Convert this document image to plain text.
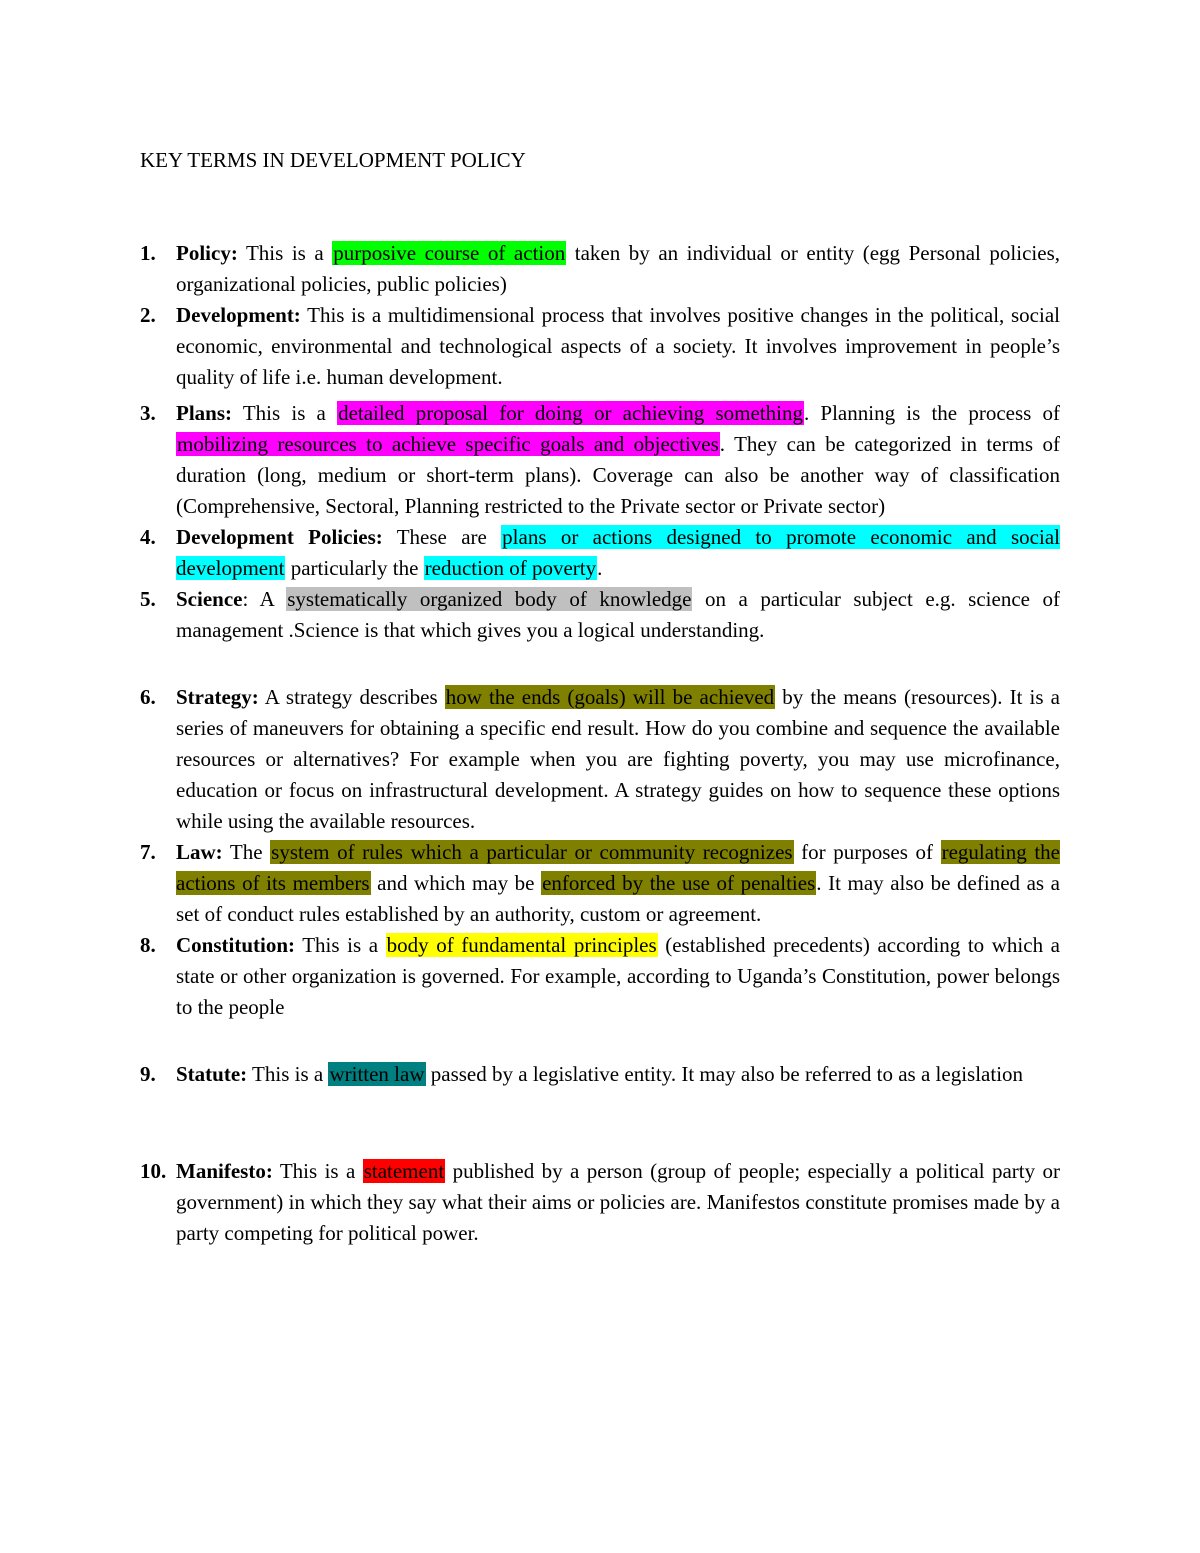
KEY TERMS IN DEVELOPMENT POLICY
1. Policy: This is a purposive course of action taken by an individual or entity (egg Personal policies, organizational policies, public policies)
2. Development: This is a multidimensional process that involves positive changes in the political, social economic, environmental and technological aspects of a society. It involves improvement in people’s quality of life i.e. human development.
3. Plans: This is a detailed proposal for doing or achieving something. Planning is the process of mobilizing resources to achieve specific goals and objectives. They can be categorized in terms of duration (long, medium or short-term plans). Coverage can also be another way of classification (Comprehensive, Sectoral, Planning restricted to the Private sector or Private sector)
4. Development Policies: These are plans or actions designed to promote economic and social development particularly the reduction of poverty.
5. Science: A systematically organized body of knowledge on a particular subject e.g. science of management .Science is that which gives you a logical understanding.
6. Strategy: A strategy describes how the ends (goals) will be achieved by the means (resources). It is a series of maneuvers for obtaining a specific end result. How do you combine and sequence the available resources or alternatives? For example when you are fighting poverty, you may use microfinance, education or focus on infrastructural development. A strategy guides on how to sequence these options while using the available resources.
7. Law: The system of rules which a particular or community recognizes for purposes of regulating the actions of its members and which may be enforced by the use of penalties. It may also be defined as a set of conduct rules established by an authority, custom or agreement.
8. Constitution: This is a body of fundamental principles (established precedents) according to which a state or other organization is governed. For example, according to Uganda’s Constitution, power belongs to the people
9. Statute: This is a written law passed by a legislative entity. It may also be referred to as a legislation
10. Manifesto: This is a statement published by a person (group of people; especially a political party or government) in which they say what their aims or policies are. Manifestos constitute promises made by a party competing for political power.
